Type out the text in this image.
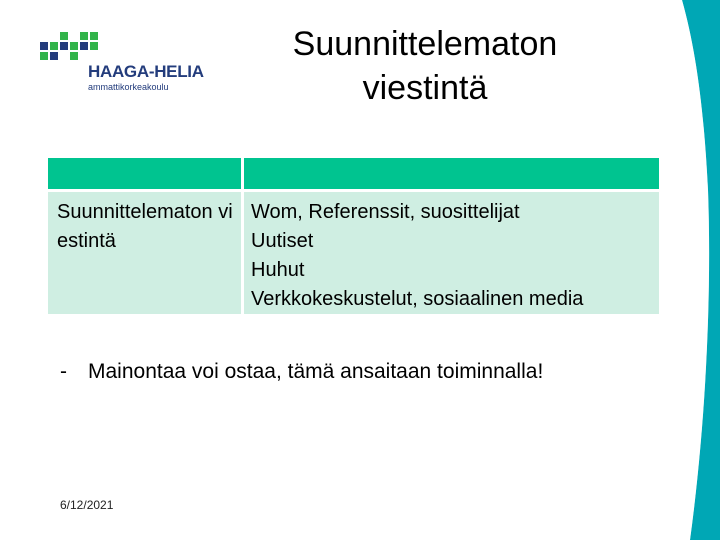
HAAGA-HELIA
ammattikorkeakoulu
Suunnittelematon
viestintä

Suunnittelematon viestintä	Wom, Referenssit, suosittelijat
Uutiset
Huhut
Verkkokeskustelut, sosiaalinen media
- Mainontaa voi ostaa, tämä ansaitaan toiminnalla!
6/12/2021
